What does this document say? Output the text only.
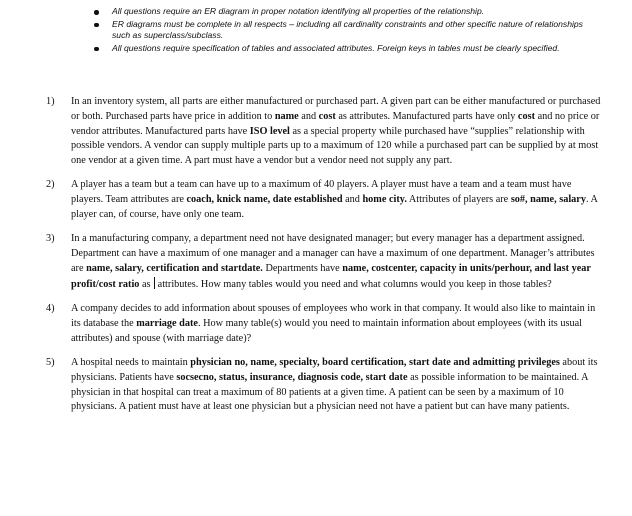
All questions require an ER diagram in proper notation identifying all properties of the relationship.
ER diagrams must be complete in all respects – including all cardinality constraints and other specific nature of relationships such as superclass/subclass.
All questions require specification of tables and associated attributes. Foreign keys in tables must be clearly specified.
1) In an inventory system, all parts are either manufactured or purchased part. A given part can be either manufactured or purchased or both. Purchased parts have price in addition to name and cost as attributes. Manufactured parts have only cost and no price or vendor attributes. Manufactured parts have ISO level as a special property while purchased have “supplies” relationship with possible vendors. A vendor can supply multiple parts up to a maximum of 120 while a purchased part can be supplied by at most one vendor at a given time. A part must have a vendor but a vendor need not supply any part.
2) A player has a team but a team can have up to a maximum of 40 players. A player must have a team and a team must have players. Team attributes are coach, knick name, date established and home city. Attributes of players are so#, name, salary. A player can, of course, have only one team.
3) In a manufacturing company, a department need not have designated manager; but every manager has a department assigned. Department can have a maximum of one manager and a manager can have a maximum of one department. Manager’s attributes are name, salary, certification and startdate. Departments have name, costcenter, capacity in units/perhour, and last year profit/cost ratio as  attributes. How many tables would you need and what columns would you keep in those tables?
4) A company decides to add information about spouses of employees who work in that company. It would also like to maintain in its database the marriage date. How many table(s) would you need to maintain information about employees (with its usual attributes) and spouse (with marriage date)?
5) A hospital needs to maintain physician no, name, specialty, board certification, start date and admitting privileges about its physicians. Patients have socsecno, status, insurance, diagnosis code, start date as possible information to be maintained. A physician in that hospital can treat a maximum of 80 patients at a given time. A patient can be seen by a maximum of 10 physicians. A patient must have at least one physician but a physician need not have a patient but can have many patients.
